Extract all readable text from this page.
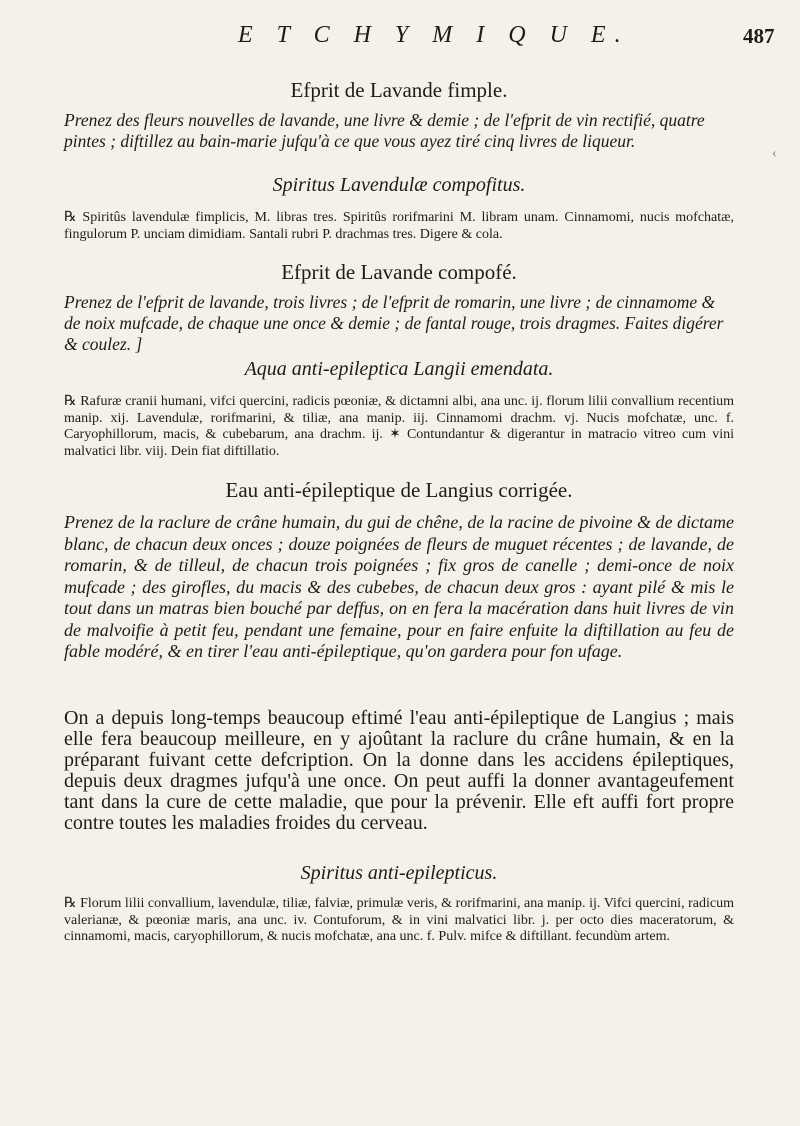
E T C H Y M I Q U E.	487
Efprit de Lavande fimple.
Prenez des fleurs nouvelles de lavande, une livre & demie ; de l'efprit de vin rectifié, quatre pintes ; diftillez au bain-marie jufqu'à ce que vous ayez tiré cinq livres de liqueur.
Spiritus Lavendulæ compofitus.
℞ Spiritûs lavendulæ fimplicis, M. libras tres. Spiritûs rorifmarini M. libram unam. Cinnamomi, nucis mofchatæ, fingulorum P. unciam dimidiam. Santali rubri P. drachmas tres. Digere & cola.
Efprit de Lavande compofé.
Prenez de l'efprit de lavande, trois livres ; de l'efprit de romarin, une livre ; de cinnamome & de noix mufcade, de chaque une once & demie ; de fantal rouge, trois dragmes. Faites digérer & coulez. ]
Aqua anti-epileptica Langii emendata.
℞ Rafuræ cranii humani, vifci quercini, radicis pœoniæ, & dictamni albi, ana unc. ij. florum lilii convallium recentium manip. xij. Lavendulæ, rorifmarini, & tiliæ, ana manip. iij. Cinnamomi drachm. vj. Nucis mofchatæ, unc. f. Caryophillorum, macis, & cubebarum, ana drachm. ij. ✶ Contundantur & digerantur in matracio vitreo cum vini malvatici libr. viij. Dein fiat diftillatio.
Eau anti-épileptique de Langius corrigée.
Prenez de la raclure de crâne humain, du gui de chêne, de la racine de pivoine & de dictame blanc, de chacun deux onces ; douze poignées de fleurs de muguet récentes ; de lavande, de romarin, & de tilleul, de chacun trois poignées ; fix gros de canelle ; demi-once de noix mufcade ; des girofles, du macis & des cubebes, de chacun deux gros : ayant pilé & mis le tout dans un matras bien bouché par deffus, on en fera la macération dans huit livres de vin de malvoifie à petit feu, pendant une femaine, pour en faire enfuite la diftillation au feu de fable modéré, & en tirer l'eau anti-épileptique, qu'on gardera pour fon ufage.
On a depuis long-temps beaucoup eftimé l'eau anti-épileptique de Langius ; mais elle fera beaucoup meilleure, en y ajoûtant la raclure du crâne humain, & en la préparant fuivant cette defcription. On la donne dans les accidens épileptiques, depuis deux dragmes jufqu'à une once. On peut auffi la donner avantageufement tant dans la cure de cette maladie, que pour la prévenir. Elle eft auffi fort propre contre toutes les maladies froides du cerveau.
Spiritus anti-epilepticus.
℞ Florum lilii convallium, lavendulæ, tiliæ, falviæ, primulæ veris, & rorifmarini, ana manip. ij. Vifci quercini, radicum valerianæ, & pœoniæ maris, ana unc. iv. Contuforum, & in vini malvatici libr. j. per octo dies maceratorum, & cinnamomi, macis, caryophillorum, & nucis mofchatæ, ana unc. f. Pulv. mifce & diftillant. fecundùm artem.
‹
